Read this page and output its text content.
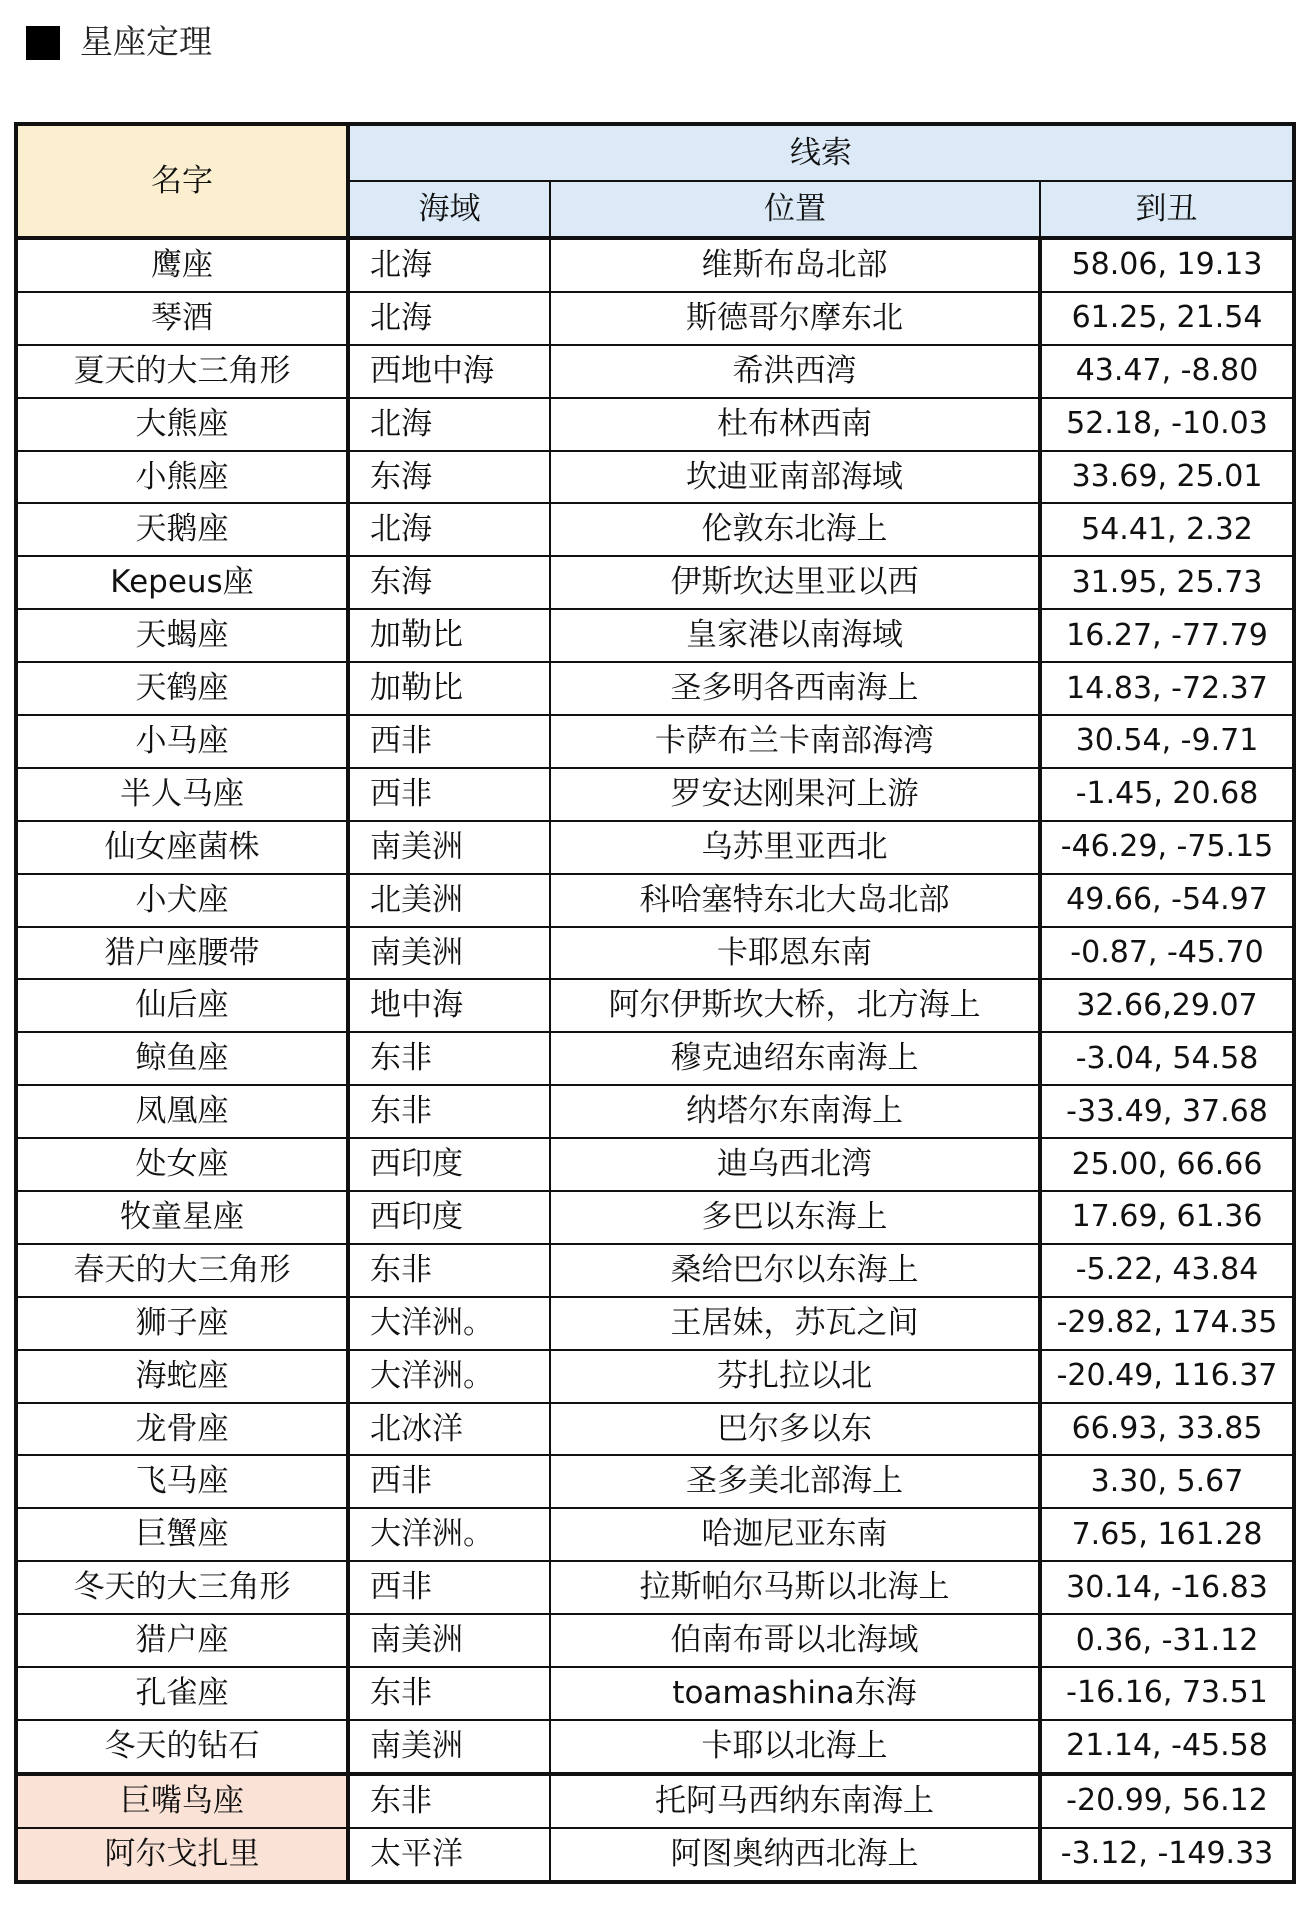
星座定理
名字	线索		
	海域	位置	到丑
鹰座	北海	维斯布岛北部	58.06, 19.13
琴酒	北海	斯德哥尔摩东北	61.25, 21.54
夏天的大三角形	西地中海	希洪西湾	43.47, -8.80
大熊座	北海	杜布林西南	52.18, -10.03
小熊座	东海	坎迪亚南部海域	33.69, 25.01
天鹅座	北海	伦敦东北海上	54.41, 2.32
Kepeus座	东海	伊斯坎达里亚以西	31.95, 25.73
天蝎座	加勒比	皇家港以南海域	16.27, -77.79
天鹤座	加勒比	圣多明各西南海上	14.83, -72.37
小马座	西非	卡萨布兰卡南部海湾	30.54, -9.71
半人马座	西非	罗安达刚果河上游	-1.45, 20.68
仙女座菌株	南美洲	乌苏里亚西北	-46.29, -75.15
小犬座	北美洲	科哈塞特东北大岛北部	49.66, -54.97
猎户座腰带	南美洲	卡耶恩东南	-0.87, -45.70
仙后座	地中海	阿尔伊斯坎大桥，北方海上	32.66,29.07
鲸鱼座	东非	穆克迪绍东南海上	-3.04, 54.58
凤凰座	东非	纳塔尔东南海上	-33.49, 37.68
处女座	西印度	迪乌西北湾	25.00, 66.66
牧童星座	西印度	多巴以东海上	17.69, 61.36
春天的大三角形	东非	桑给巴尔以东海上	-5.22, 43.84
狮子座	大洋洲。	王居妹，苏瓦之间	-29.82, 174.35
海蛇座	大洋洲。	芬扎拉以北	-20.49, 116.37
龙骨座	北冰洋	巴尔多以东	66.93, 33.85
飞马座	西非	圣多美北部海上	3.30, 5.67
巨蟹座	大洋洲。	哈迦尼亚东南	7.65, 161.28
冬天的大三角形	西非	拉斯帕尔马斯以北海上	30.14, -16.83
猎户座	南美洲	伯南布哥以北海域	0.36, -31.12
孔雀座	东非	toamashina东海	-16.16, 73.51
冬天的钻石	南美洲	卡耶以北海上	21.14, -45.58
巨嘴鸟座	东非	托阿马西纳东南海上	-20.99, 56.12
阿尔戈扎里	太平洋	阿图奥纳西北海上	-3.12, -149.33
